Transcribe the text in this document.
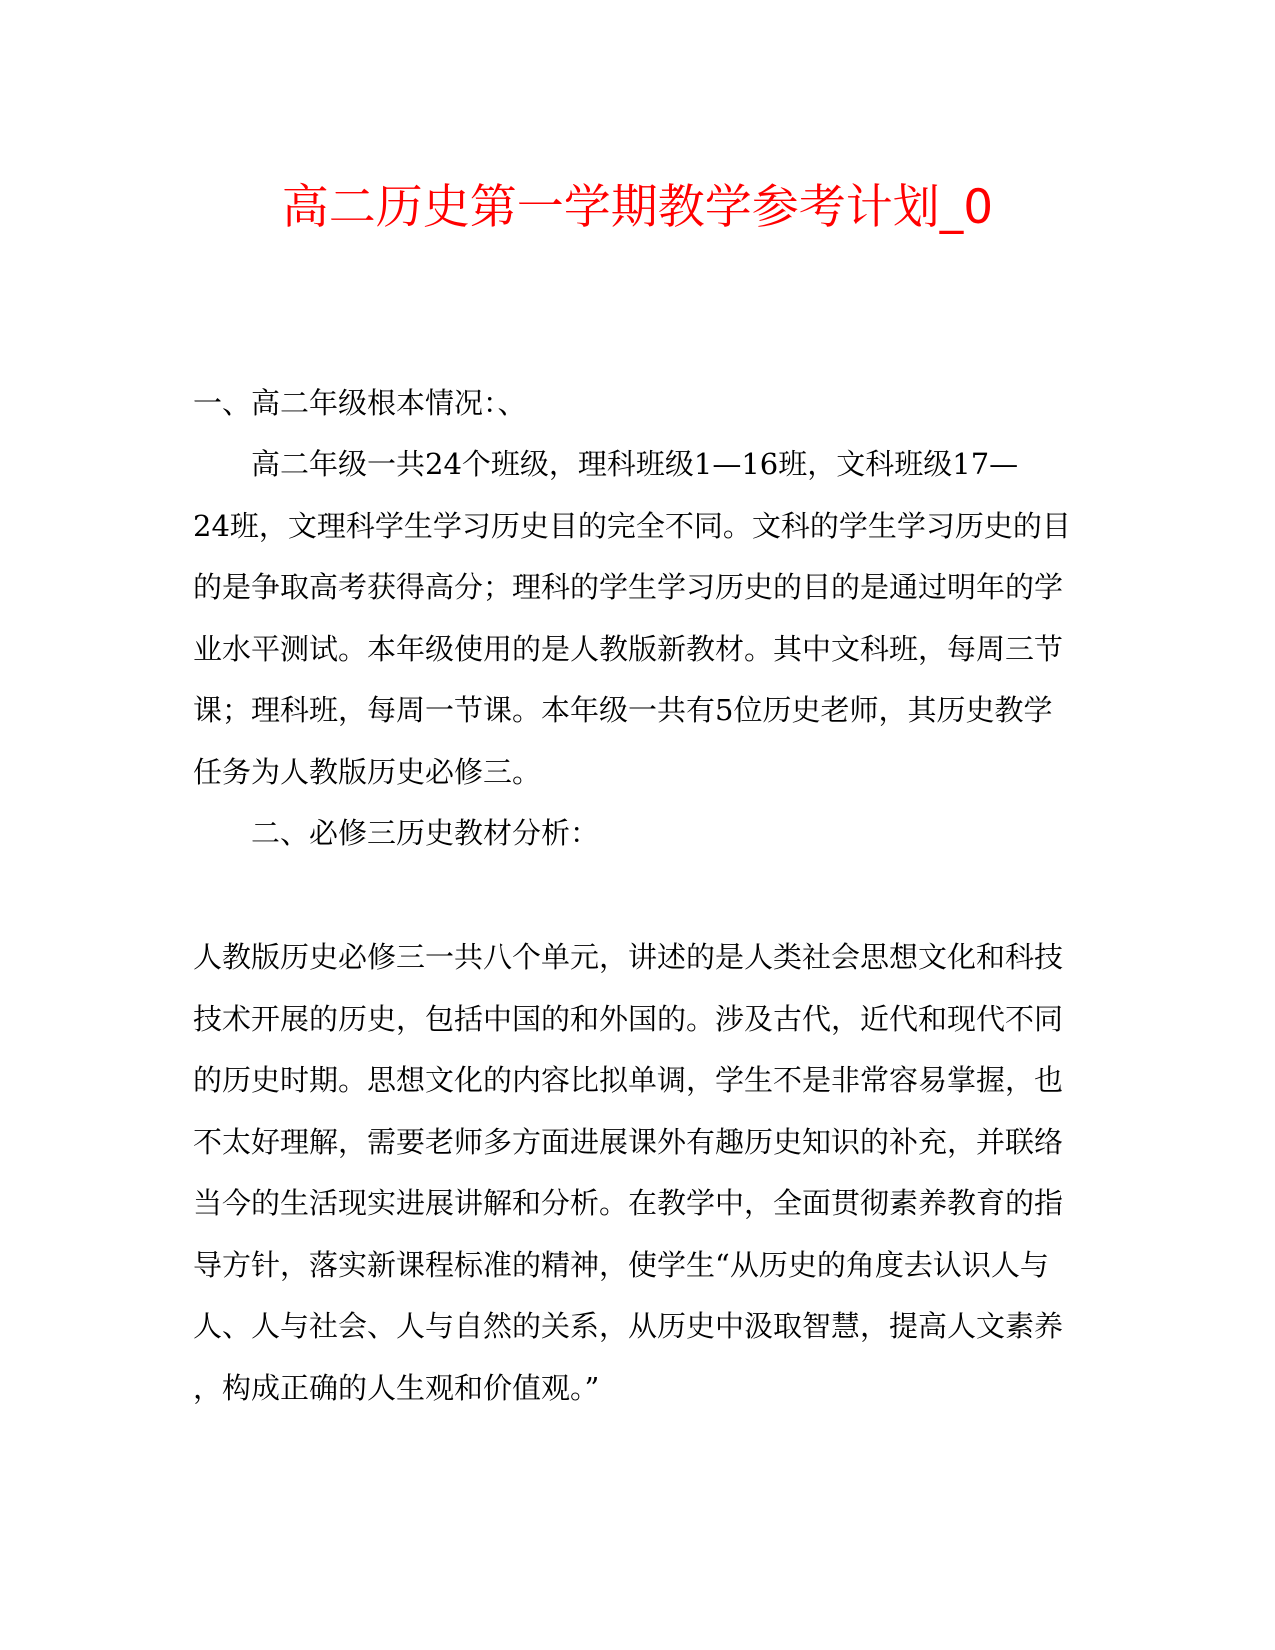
高二历史第一学期教学参考计划_0
一、高二年级根本情况：、
高二年级一共24个班级，理科班级1—16班，文科班级17—
24班，文理科学生学习历史目的完全不同。文科的学生学习历史的目
的是争取高考获得高分；理科的学生学习历史的目的是通过明年的学
业水平测试。本年级使用的是人教版新教材。其中文科班，每周三节
课；理科班，每周一节课。本年级一共有5位历史老师，其历史教学
任务为人教版历史必修三。
二、必修三历史教材分析：
人教版历史必修三一共八个单元，讲述的是人类社会思想文化和科技
技术开展的历史，包括中国的和外国的。涉及古代，近代和现代不同
的历史时期。思想文化的内容比拟单调，学生不是非常容易掌握，也
不太好理解，需要老师多方面进展课外有趣历史知识的补充，并联络
当今的生活现实进展讲解和分析。在教学中，全面贯彻素养教育的指
导方针，落实新课程标准的精神，使学生“从历史的角度去认识人与
人、人与社会、人与自然的关系，从历史中汲取智慧，提高人文素养
，构成正确的人生观和价值观。”
